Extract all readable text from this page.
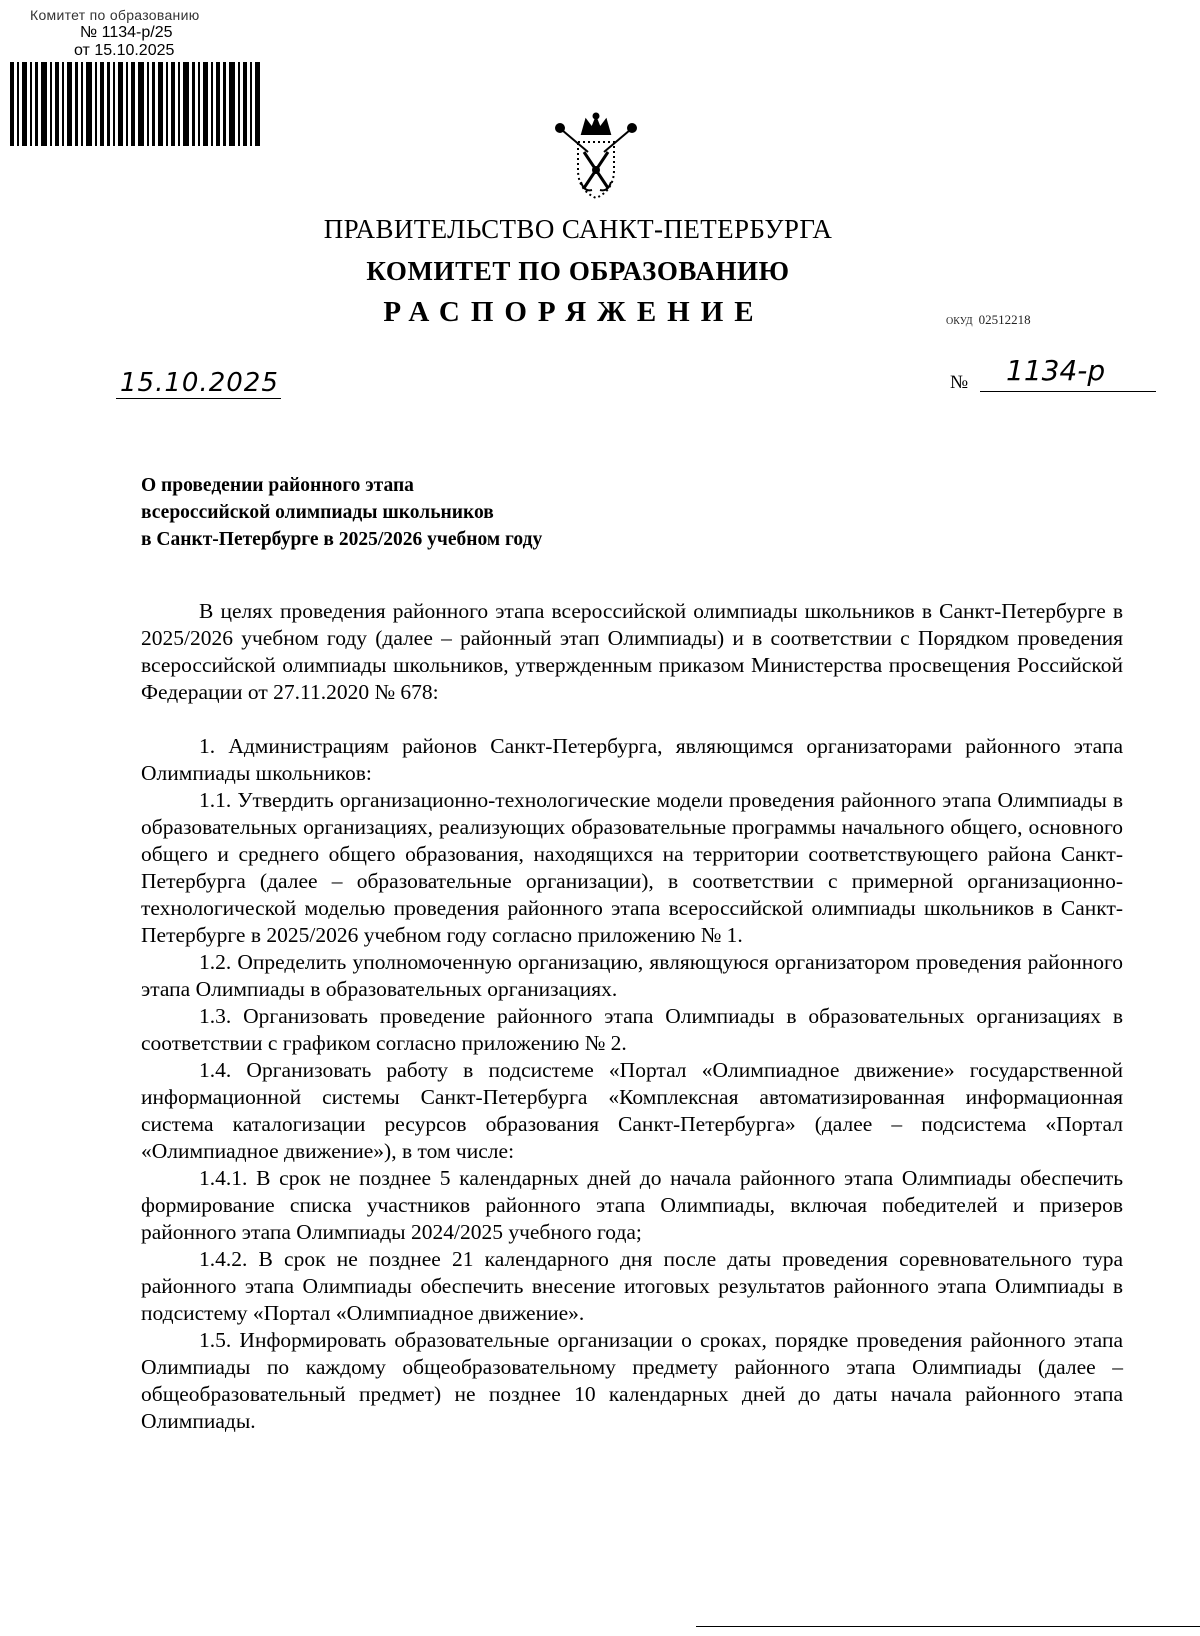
Комитет по образованию
№ 1134-р/25
от 15.10.2025
ПРАВИТЕЛЬСТВО САНКТ-ПЕТЕРБУРГА
КОМИТЕТ ПО ОБРАЗОВАНИЮ
РАСПОРЯЖЕНИЕ	ОКУД 02512218
15.10.2025	№ 1134-р
О проведении районного этапа
всероссийской олимпиады школьников
в Санкт-Петербурге в 2025/2026 учебном году

В целях проведения районного этапа всероссийской олимпиады школьников в Санкт-Петербурге в 2025/2026 учебном году (далее – районный этап Олимпиады) и в соответствии с Порядком проведения всероссийской олимпиады школьников, утвержденным приказом Министерства просвещения Российской Федерации от 27.11.2020 № 678:

1. Администрациям районов Санкт-Петербурга, являющимся организаторами районного этапа Олимпиады школьников:

1.1. Утвердить организационно-технологические модели проведения районного этапа Олимпиады в образовательных организациях, реализующих образовательные программы начального общего, основного общего и среднего общего образования, находящихся на территории соответствующего района Санкт-Петербурга (далее – образовательные организации), в соответствии с примерной организационно-технологической моделью проведения районного этапа всероссийской олимпиады школьников в Санкт-Петербурге в 2025/2026 учебном году согласно приложению № 1.

1.2. Определить уполномоченную организацию, являющуюся организатором проведения районного этапа Олимпиады в образовательных организациях.

1.3. Организовать проведение районного этапа Олимпиады в образовательных организациях в соответствии с графиком согласно приложению № 2.

1.4. Организовать работу в подсистеме «Портал «Олимпиадное движение» государственной информационной системы Санкт-Петербурга «Комплексная автоматизированная информационная система каталогизации ресурсов образования Санкт-Петербурга» (далее – подсистема «Портал «Олимпиадное движение»), в том числе:

1.4.1. В срок не позднее 5 календарных дней до начала районного этапа Олимпиады обеспечить формирование списка участников районного этапа Олимпиады, включая победителей и призеров районного этапа Олимпиады 2024/2025 учебного года;

1.4.2. В срок не позднее 21 календарного дня после даты проведения соревновательного тура районного этапа Олимпиады обеспечить внесение итоговых результатов районного этапа Олимпиады в подсистему «Портал «Олимпиадное движение».

1.5. Информировать образовательные организации о сроках, порядке проведения районного этапа Олимпиады по каждому общеобразовательному предмету районного этапа Олимпиады (далее – общеобразовательный предмет) не позднее 10 календарных дней до даты начала районного этапа Олимпиады.
